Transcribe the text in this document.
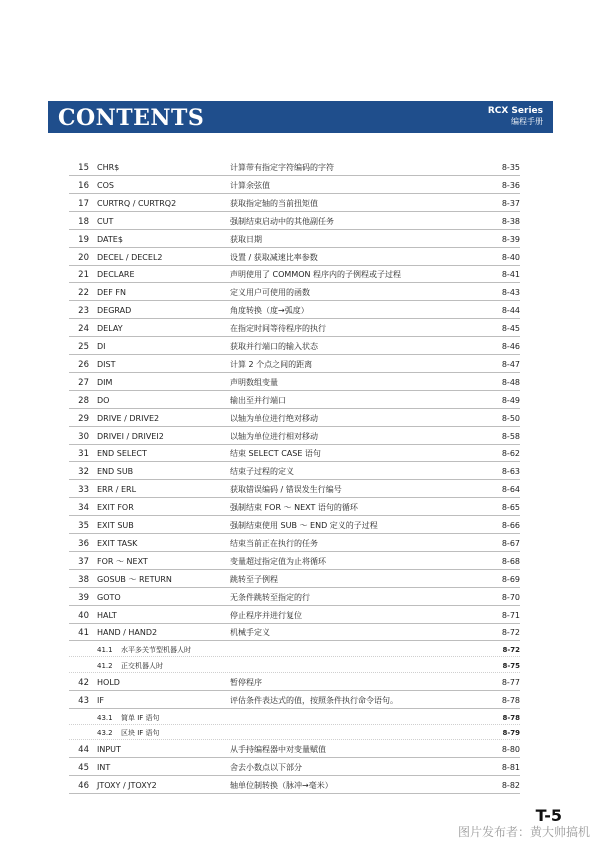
CONTENTS	RCX Series
编程手册
15 CHR$	计算带有指定字符编码的字符	8-35
16 COS	计算余弦值	8-36
17 CURTRQ / CURTRQ2	获取指定轴的当前扭矩值	8-37
18 CUT	强制结束启动中的其他副任务	8-38
19 DATE$	获取日期	8-39
20 DECEL / DECEL2	设置 / 获取减速比率参数	8-40
21 DECLARE	声明使用了 COMMON 程序内的子例程或子过程	8-41
22 DEF FN	定义用户可使用的函数	8-43
23 DEGRAD	角度转换（度→弧度）	8-44
24 DELAY	在指定时间等待程序的执行	8-45
25 DI	获取并行端口的输入状态	8-46
26 DIST	计算 2 个点之间的距离	8-47
27 DIM	声明数组变量	8-48
28 DO	输出至并行端口	8-49
29 DRIVE / DRIVE2	以轴为单位进行绝对移动	8-50
30 DRIVEI / DRIVEI2	以轴为单位进行相对移动	8-58
31 END SELECT	结束 SELECT CASE 语句	8-62
32 END SUB	结束子过程的定义	8-63
33 ERR / ERL	获取错误编码 / 错误发生行编号	8-64
34 EXIT FOR	强制结束 FOR ～ NEXT 语句的循环	8-65
35 EXIT SUB	强制结束使用 SUB ～ END 定义的子过程	8-66
36 EXIT TASK	结束当前正在执行的任务	8-67
37 FOR ～ NEXT	变量超过指定值为止将循环	8-68
38 GOSUB ～ RETURN	跳转至子例程	8-69
39 GOTO	无条件跳转至指定的行	8-70
40 HALT	停止程序并进行复位	8-71
41 HAND / HAND2	机械手定义	8-72
41.1 水平多关节型机器人时	8-72
41.2 正交机器人时	8-75
42 HOLD	暂停程序	8-77
43 IF	评估条件表达式的值，按照条件执行命令语句。	8-78
43.1 简单 IF 语句	8-78
43.2 区块 IF 语句	8-79
44 INPUT	从手持编程器中对变量赋值	8-80
45 INT	舍去小数点以下部分	8-81
46 JTOXY / JTOXY2	轴单位制转换（脉冲→毫米）	8-82
T-5
图片发布者：黄大帅搞机
